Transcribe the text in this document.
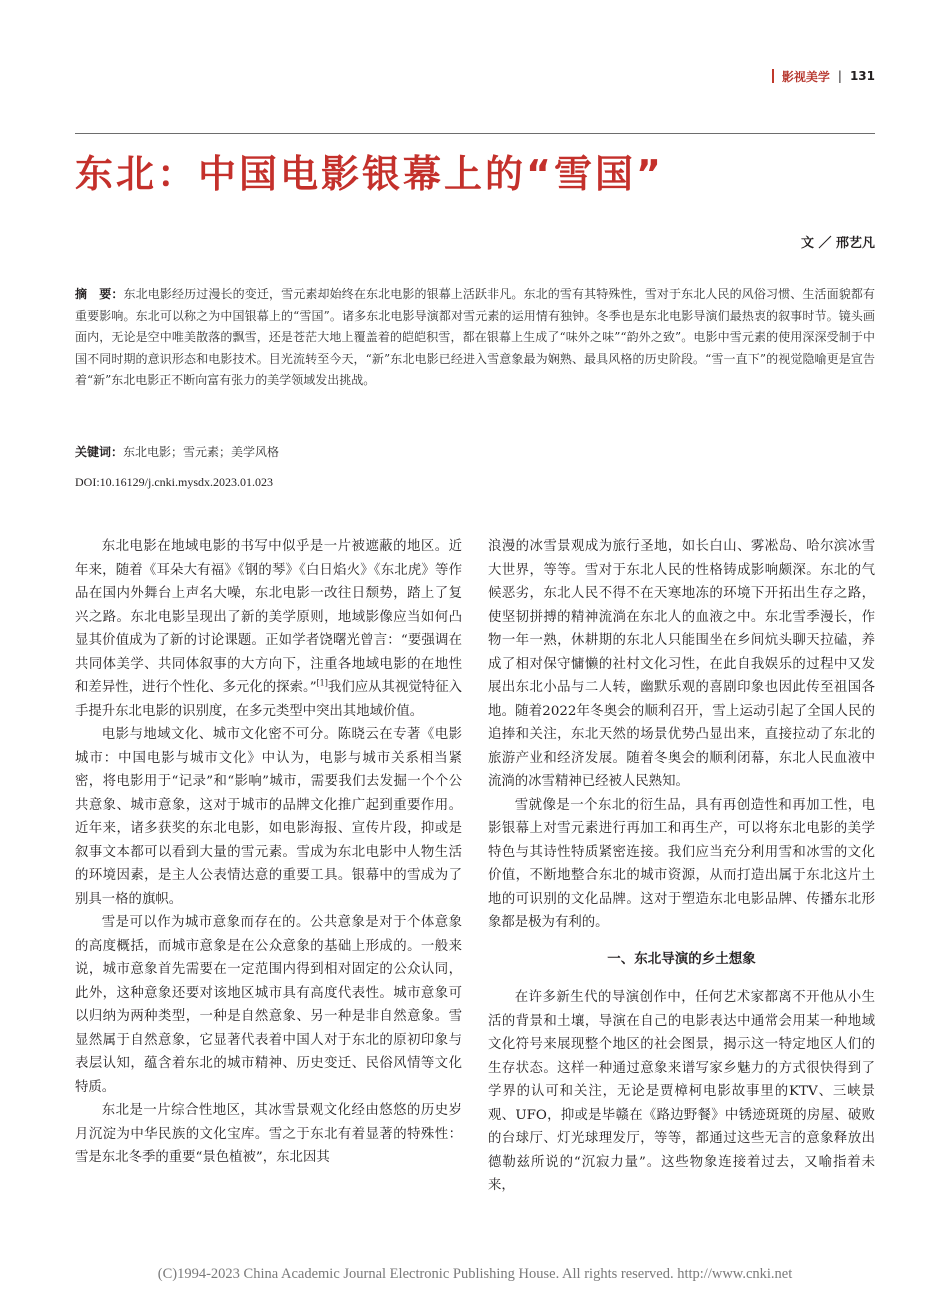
影视美学 | 131
东北：中国电影银幕上的“雪国”
文 ／ 邢艺凡

摘　要：东北电影经历过漫长的变迁，雪元素却始终在东北电影的银幕上活跃非凡。东北的雪有其特殊性，雪对于东北人民的风俗习惯、生活面貌都有重要影响。东北可以称之为中国银幕上的“雪国”。诸多东北电影导演都对雪元素的运用情有独钟。冬季也是东北电影导演们最热衷的叙事时节。镜头画面内，无论是空中唯美散落的飘雪，还是苍茫大地上覆盖着的皑皑积雪，都在银幕上生成了“味外之味”“韵外之致”。电影中雪元素的使用深深受制于中国不同时期的意识形态和电影技术。目光流转至今天，“新”东北电影已经进入雪意象最为娴熟、最具风格的历史阶段。“雪一直下”的视觉隐喻更是宣告着“新”东北电影正不断向富有张力的美学领域发出挑战。

关键词：东北电影；雪元素；美学风格
DOI:10.16129/j.cnki.mysdx.2023.01.023

东北电影在地域电影的书写中似乎是一片被遮蔽的地区。近年来，随着《耳朵大有福》《钢的琴》《白日焰火》《东北虎》等作品在国内外舞台上声名大噪，东北电影一改往日颓势，踏上了复兴之路。东北电影呈现出了新的美学原则，地域影像应当如何凸显其价值成为了新的讨论课题。正如学者饶曙光曾言：“要强调在共同体美学、共同体叙事的大方向下，注重各地域电影的在地性和差异性，进行个性化、多元化的探索。”[1]我们应从其视觉特征入手提升东北电影的识别度，在多元类型中突出其地域价值。

电影与地域文化、城市文化密不可分。陈晓云在专著《电影城市：中国电影与城市文化》中认为，电影与城市关系相当紧密，将电影用于“记录”和“影响”城市，需要我们去发掘一个个公共意象、城市意象，这对于城市的品牌文化推广起到重要作用。近年来，诸多获奖的东北电影，如电影海报、宣传片段，抑或是叙事文本都可以看到大量的雪元素。雪成为东北电影中人物生活的环境因素，是主人公表情达意的重要工具。银幕中的雪成为了别具一格的旗帜。

雪是可以作为城市意象而存在的。公共意象是对于个体意象的高度概括，而城市意象是在公众意象的基础上形成的。一般来说，城市意象首先需要在一定范围内得到相对固定的公众认同，此外，这种意象还要对该地区城市具有高度代表性。城市意象可以归纳为两种类型，一种是自然意象、另一种是非自然意象。雪显然属于自然意象，它显著代表着中国人对于东北的原初印象与表层认知，蕴含着东北的城市精神、历史变迁、民俗风情等文化特质。

东北是一片综合性地区，其冰雪景观文化经由悠悠的历史岁月沉淀为中华民族的文化宝库。雪之于东北有着显著的特殊性：雪是东北冬季的重要“景色植被”，东北因其

浪漫的冰雪景观成为旅行圣地，如长白山、雾凇岛、哈尔滨冰雪大世界，等等。雪对于东北人民的性格铸成影响颇深。东北的气候恶劣，东北人民不得不在天寒地冻的环境下开拓出生存之路，使坚韧拼搏的精神流淌在东北人的血液之中。东北雪季漫长，作物一年一熟，休耕期的东北人只能围坐在乡间炕头聊天拉磕，养成了相对保守慵懒的社村文化习性，在此自我娱乐的过程中又发展出东北小品与二人转，幽默乐观的喜剧印象也因此传至祖国各地。随着2022年冬奥会的顺利召开，雪上运动引起了全国人民的追捧和关注，东北天然的场景优势凸显出来，直接拉动了东北的旅游产业和经济发展。随着冬奥会的顺利闭幕，东北人民血液中流淌的冰雪精神已经被人民熟知。

雪就像是一个东北的衍生品，具有再创造性和再加工性，电影银幕上对雪元素进行再加工和再生产，可以将东北电影的美学特色与其诗性特质紧密连接。我们应当充分利用雪和冰雪的文化价值，不断地整合东北的城市资源，从而打造出属于东北这片土地的可识别的文化品牌。这对于塑造东北电影品牌、传播东北形象都是极为有利的。

一、东北导演的乡土想象

在许多新生代的导演创作中，任何艺术家都离不开他从小生活的背景和土壤，导演在自己的电影表达中通常会用某一种地域文化符号来展现整个地区的社会图景，揭示这一特定地区人们的生存状态。这样一种通过意象来谱写家乡魅力的方式很快得到了学界的认可和关注，无论是贾樟柯电影故事里的KTV、三峡景观、UFO，抑或是毕赣在《路边野餐》中锈迹斑斑的房屋、破败的台球厅、灯光球理发厅，等等，都通过这些无言的意象释放出德勒兹所说的“沉寂力量”。这些物象连接着过去，又喻指着未来，

(C)1994-2023 China Academic Journal Electronic Publishing House. All rights reserved. http://www.cnki.net
